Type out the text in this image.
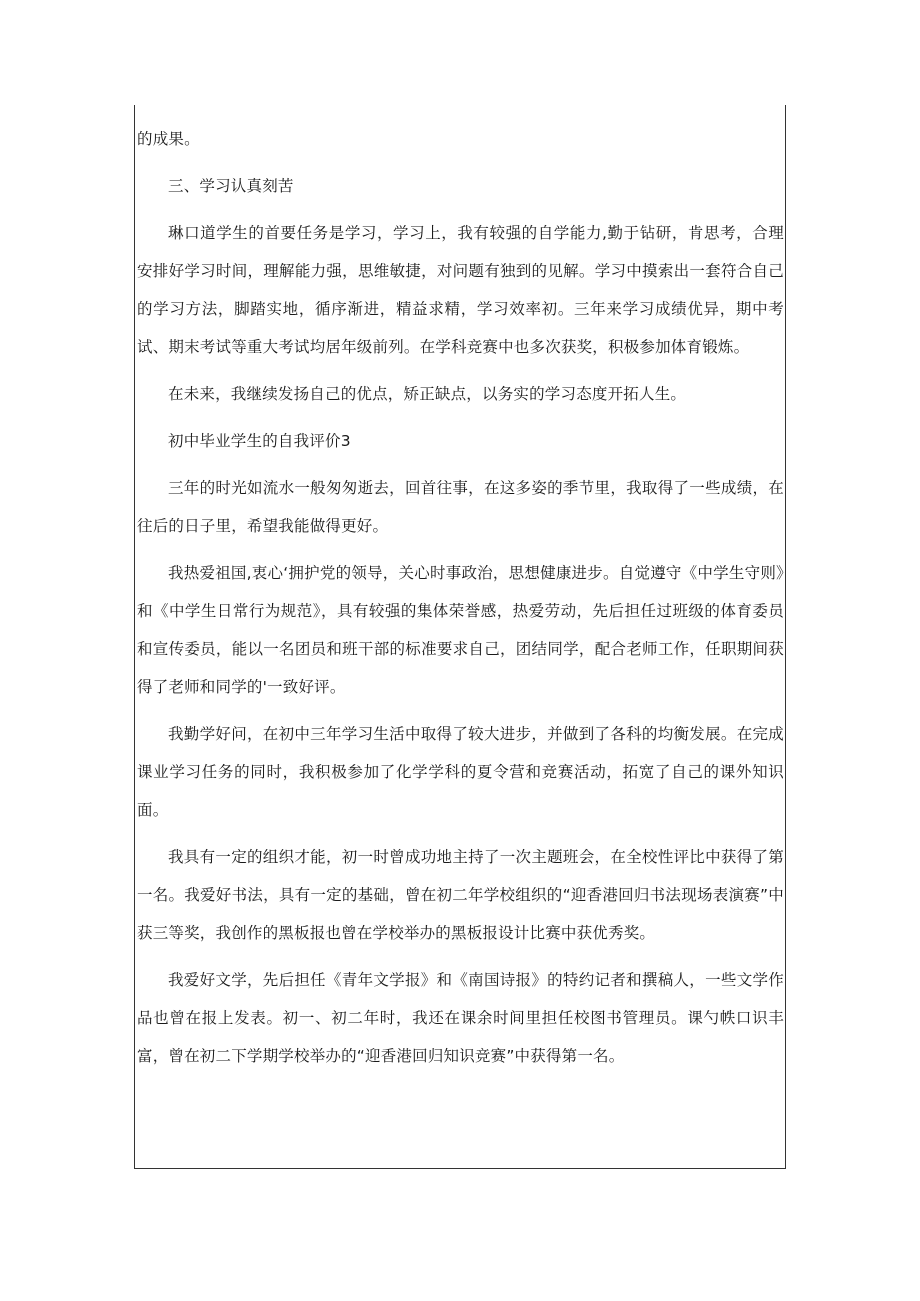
的成果。

三、学习认真刻苦

琳口道学生的首要任务是学习，学习上，我有较强的自学能力,勤于钻研，肯思考，合理安排好学习时间，理解能力强，思维敏捷，对问题有独到的见解。学习中摸索出一套符合自己的学习方法，脚踏实地，循序渐进，精益求精，学习效率初。三年来学习成绩优异，期中考试、期末考试等重大考试均居年级前列。在学科竞赛中也多次获奖，积极参加体育锻炼。

在未来，我继续发扬自己的优点，矫正缺点，以务实的学习态度开拓人生。

初中毕业学生的自我评价3

三年的时光如流水一般匆匆逝去，回首往事，在这多姿的季节里，我取得了一些成绩，在往后的日子里，希望我能做得更好。

我热爱祖国,衷心‘拥护党的领导，关心时事政治，思想健康进步。自觉遵守《中学生守则》和《中学生日常行为规范》，具有较强的集体荣誉感，热爱劳动，先后担任过班级的体育委员和宣传委员，能以一名团员和班干部的标准要求自己，团结同学，配合老师工作，任职期间获得了老师和同学的'一致好评。

我勤学好问，在初中三年学习生活中取得了较大进步，并做到了各科的均衡发展。在完成课业学习任务的同时，我积极参加了化学学科的夏令营和竞赛活动，拓宽了自己的课外知识面。

我具有一定的组织才能，初一时曾成功地主持了一次主题班会，在全校性评比中获得了第一名。我爱好书法，具有一定的基础，曾在初二年学校组织的“迎香港回归书法现场表演赛”中获三等奖，我创作的黑板报也曾在学校举办的黑板报设计比赛中获优秀奖。

我爱好文学，先后担任《青年文学报》和《南国诗报》的特约记者和撰稿人，一些文学作品也曾在报上发表。初一、初二年时，我还在课余时间里担任校图书管理员。课勺帙口识丰富，曾在初二下学期学校举办的“迎香港回归知识竞赛”中获得第一名。
